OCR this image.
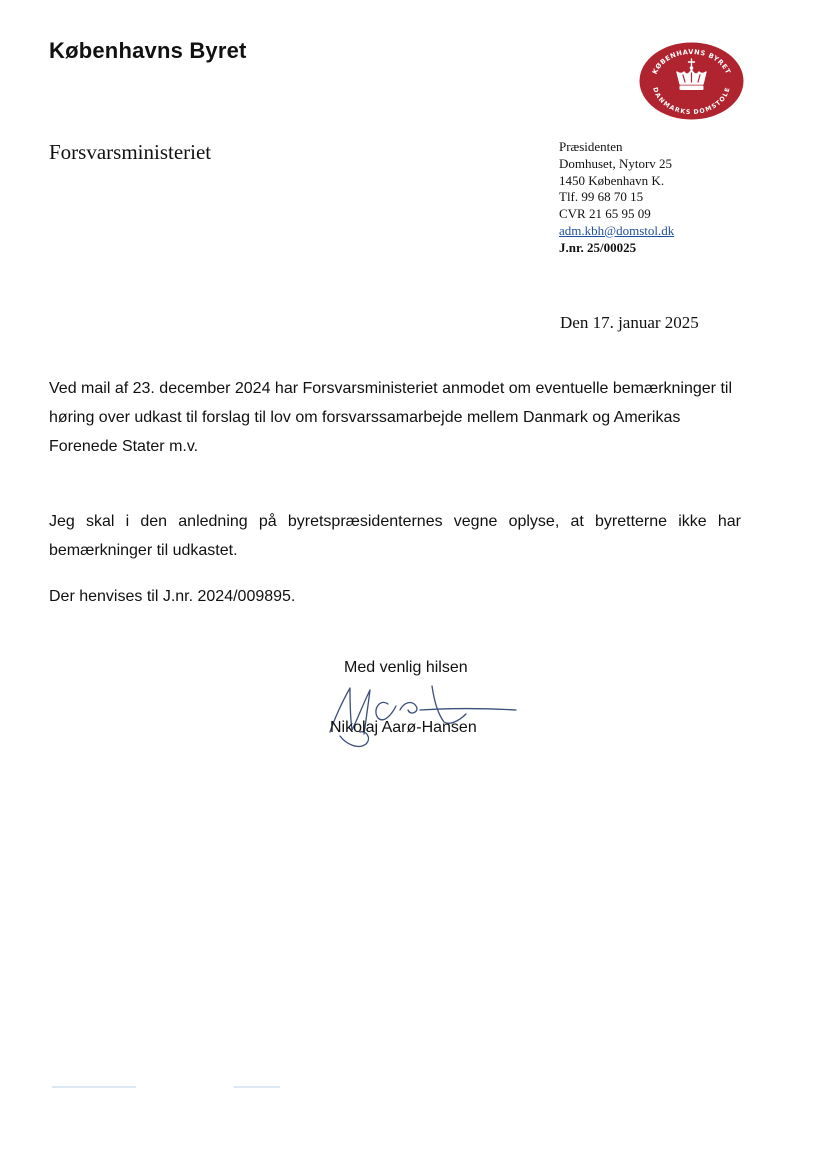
Københavns Byret
KØBENHAVNS BYRET
DANMARKS DOMSTOLE

Forsvarsministeriet	Præsidenten
Domhuset, Nytorv 25
1450 København K.
Tlf. 99 68 70 15
CVR 21 65 95 09
adm.kbh@domstol.dk
J.nr. 25/00025
Den 17. januar 2025

Ved mail af 23. december 2024 har Forsvarsministeriet anmodet om eventuelle bemærkninger til høring over udkast til forslag til lov om forsvarssamarbejde mellem Danmark og Amerikas Forenede Stater m.v.

Jeg skal i den anledning på byretspræsidenternes vegne oplyse, at byretterne ikke har bemærkninger til udkastet.

Der henvises til J.nr. 2024/009895.

Med venlig hilsen
Nikolaj Aarø-Hansen
